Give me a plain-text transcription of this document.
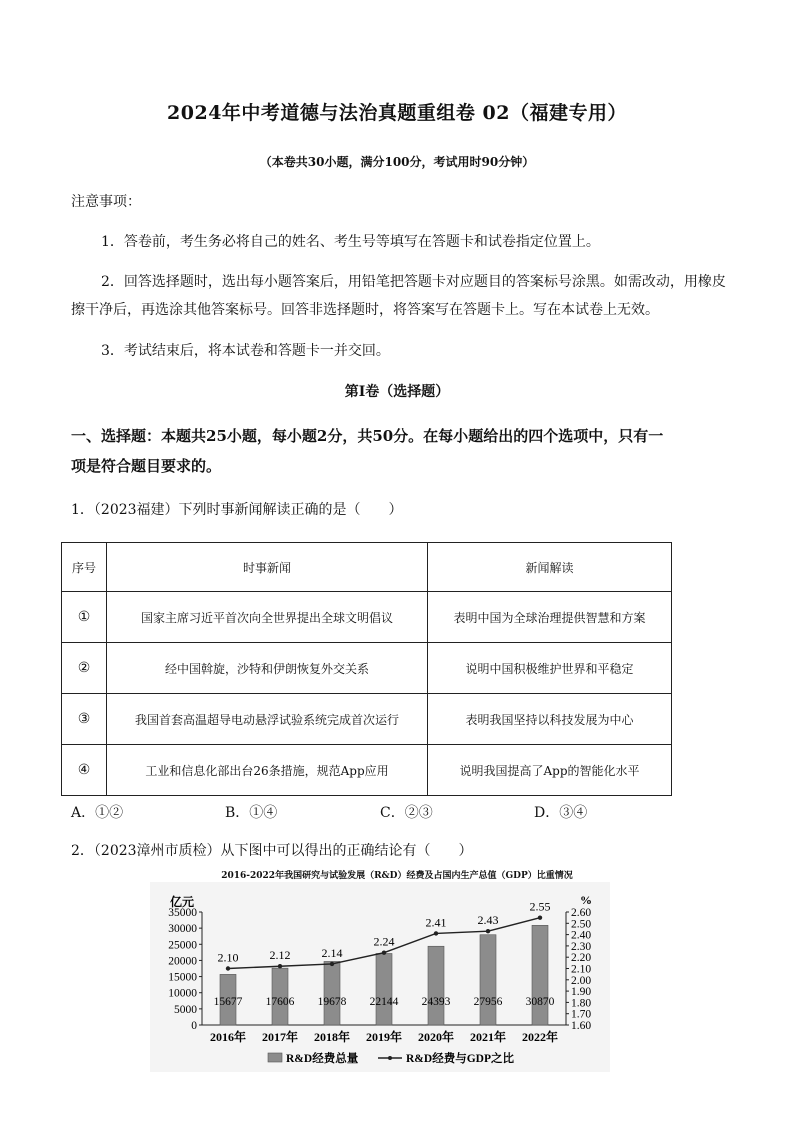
2024年中考道德与法治真题重组卷 02（福建专用）
（本卷共30小题，满分100分，考试用时90分钟）
注意事项：
1．答卷前，考生务必将自己的姓名、考生号等填写在答题卡和试卷指定位置上。
2．回答选择题时，选出每小题答案后，用铅笔把答题卡对应题目的答案标号涂黑。如需改动，用橡皮
擦干净后，再选涂其他答案标号。回答非选择题时，将答案写在答题卡上。写在本试卷上无效。
3．考试结束后，将本试卷和答题卡一并交回。
第I卷（选择题）
一、选择题：本题共25小题，每小题2分，共50分。在每小题给出的四个选项中，只有一
项是符合题目要求的。
1．（2023福建）下列时事新闻解读正确的是（　　）
序号	时事新闻	新闻解读
①	国家主席习近平首次向全世界提出全球文明倡议	表明中国为全球治理提供智慧和方案
②	经中国斡旋，沙特和伊朗恢复外交关系	说明中国积极维护世界和平稳定
③	我国首套高温超导电动悬浮试验系统完成首次运行	表明我国坚持以科技发展为中心
④	工业和信息化部出台26条措施，规范App应用	说明我国提高了App的智能化水平
A．①②	B．①④	C．②③	D．③④
2．（2023漳州市质检）从下图中可以得出的正确结论有（　　）
2016-2022年我国研究与试验发展（R&D）经费及占国内生产总值（GDP）比重情况
亿元	%
35000
30000
25000
20000
15000
10000
5000
0
2.60
2.50
2.40
2.30
2.20
2.10
2.00
1.90
1.80
1.70
1.60
15677 17606 19678 22144 24393 27956 30870
2016年 2017年 2018年 2019年 2020年 2021年 2022年
2.10	2.12	2.14
2.24
2.41	2.43
2.55
R&D经费总量	R&D经费与GDP之比
